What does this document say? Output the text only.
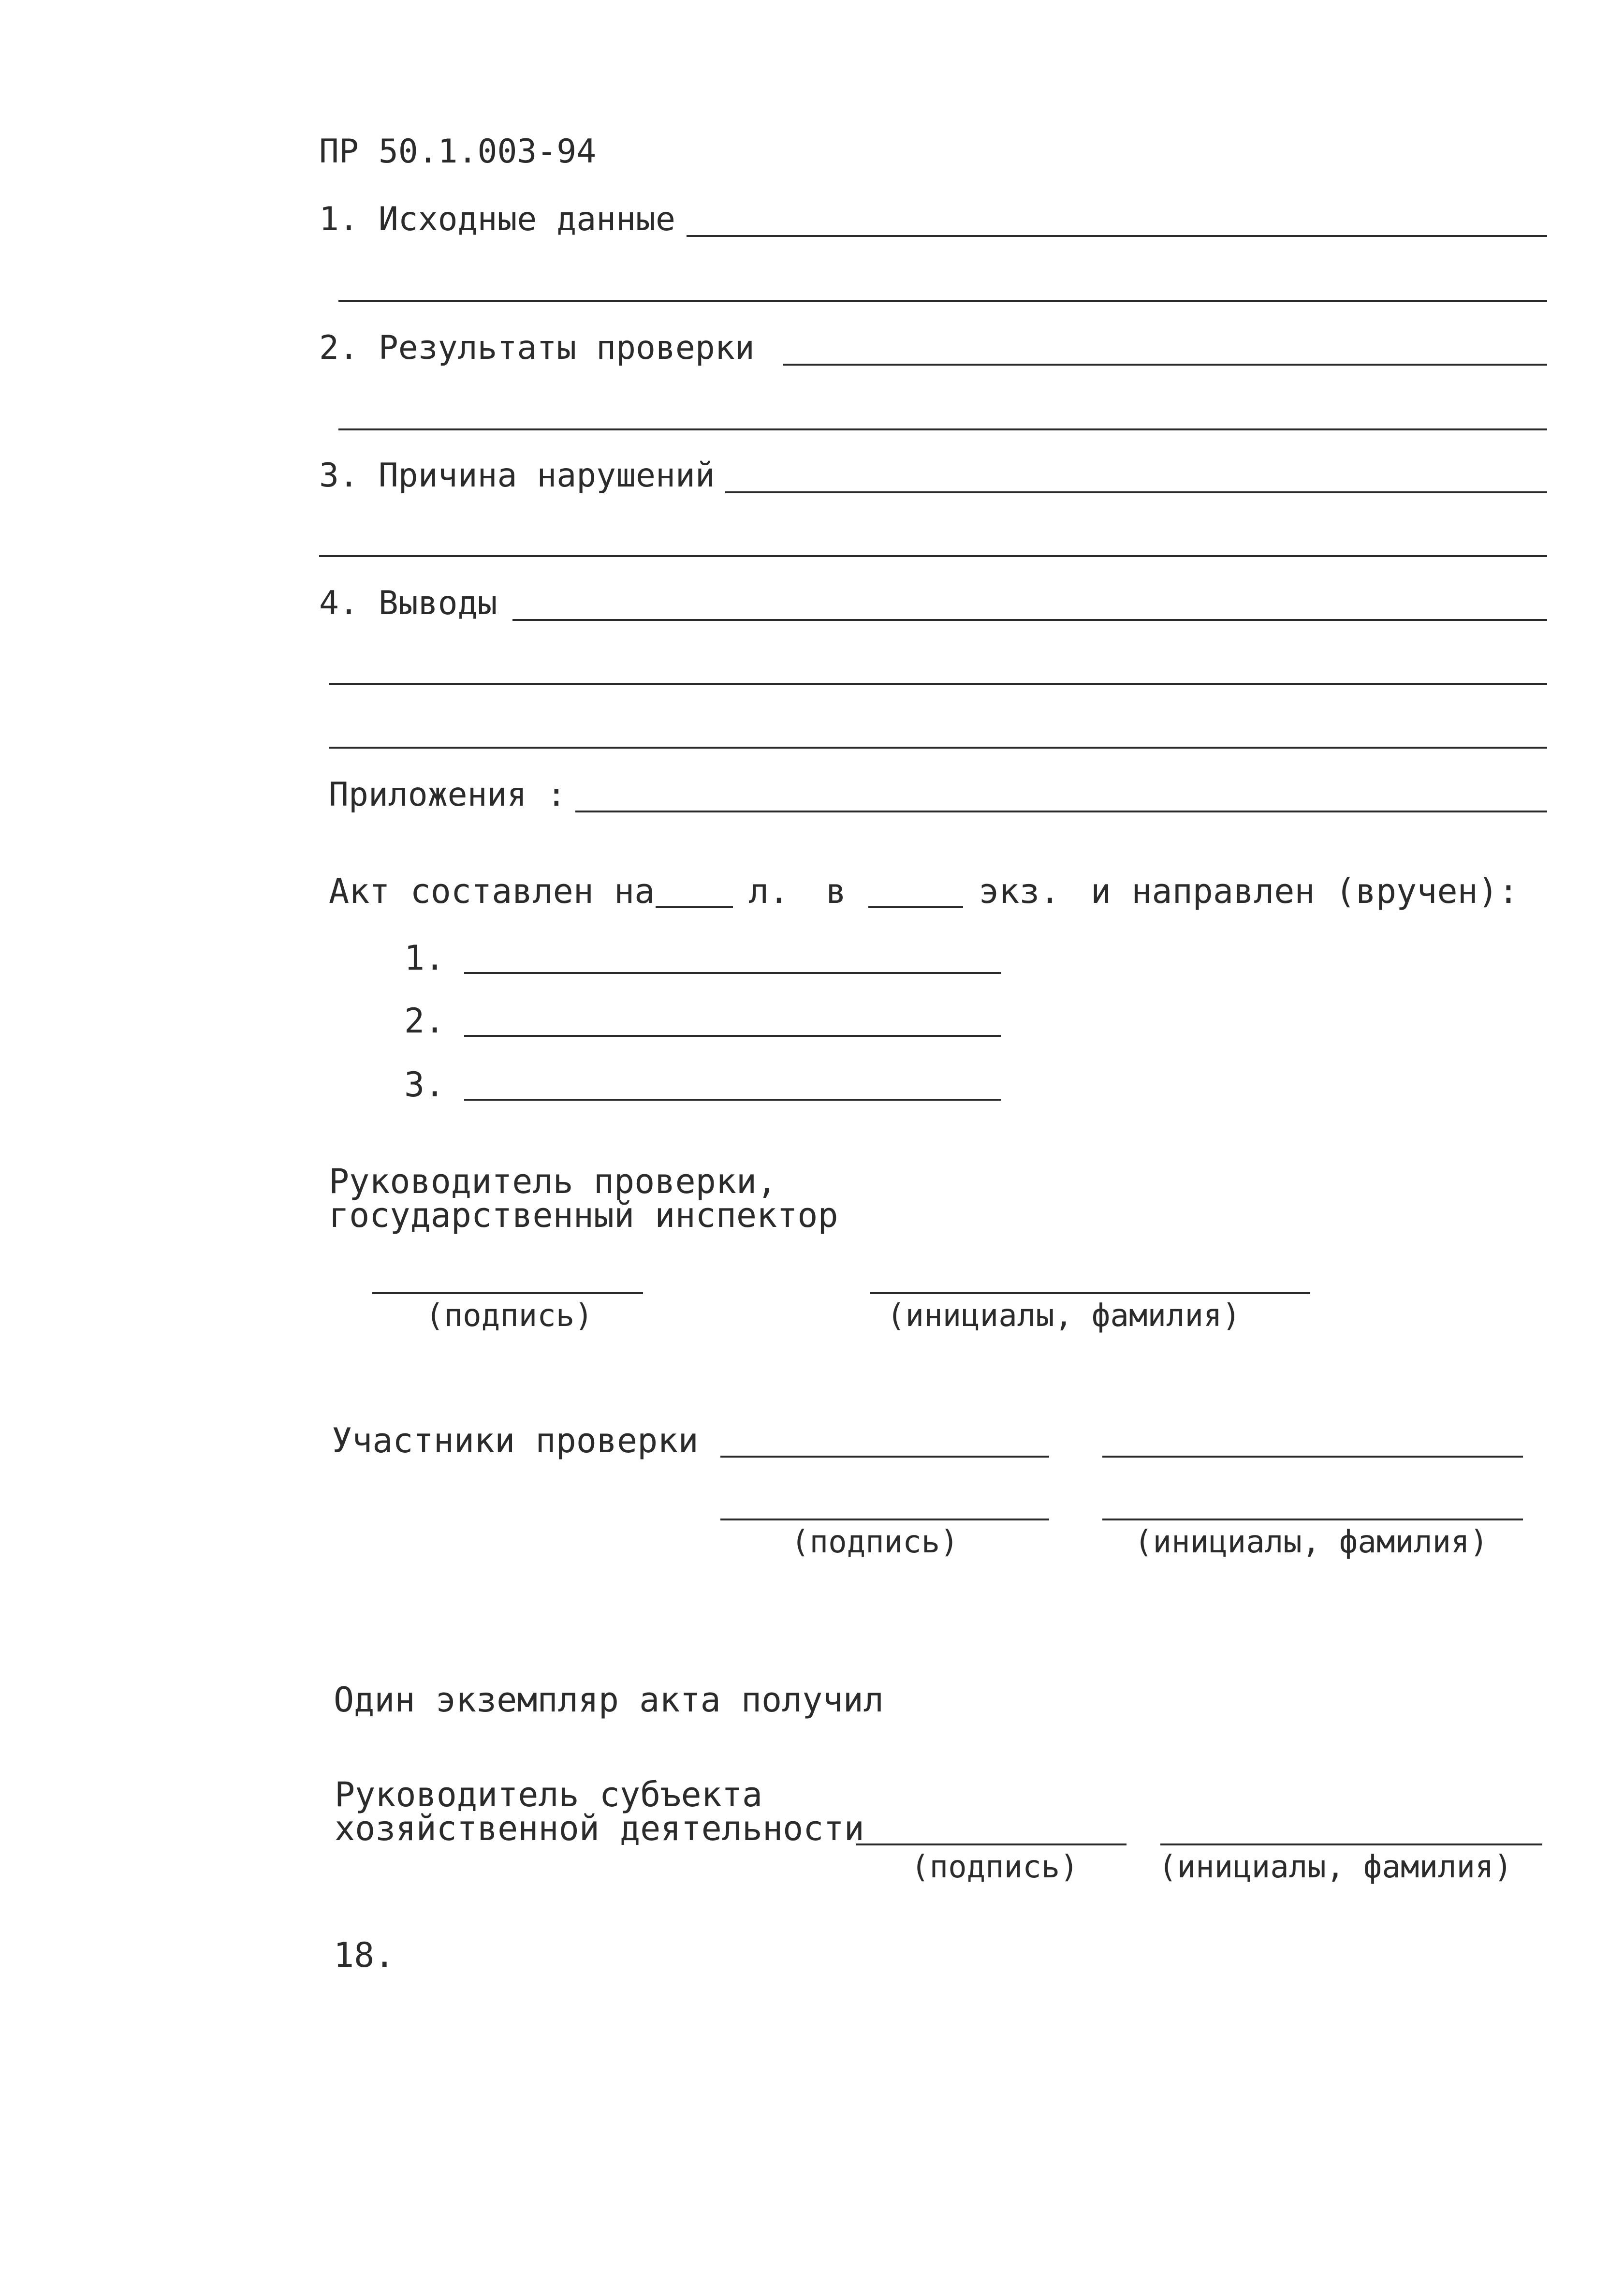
ПР 50.1.003-94
1. Исходные данные
2. Результаты проверки
3. Причина нарушений
4. Выводы
Приложения :
Акт составлен на	л. в	экз. и направлен (вручен):
1.
2.
3.
Руководитель проверки,
государственный инспектор
(подпись)	(инициалы, фамилия)
Участники проверки
(подпись)	(инициалы, фамилия)
Один экземпляр акта получил
Руководитель субъекта
хозяйственной деятельности
(подпись)	(инициалы, фамилия)
18.
